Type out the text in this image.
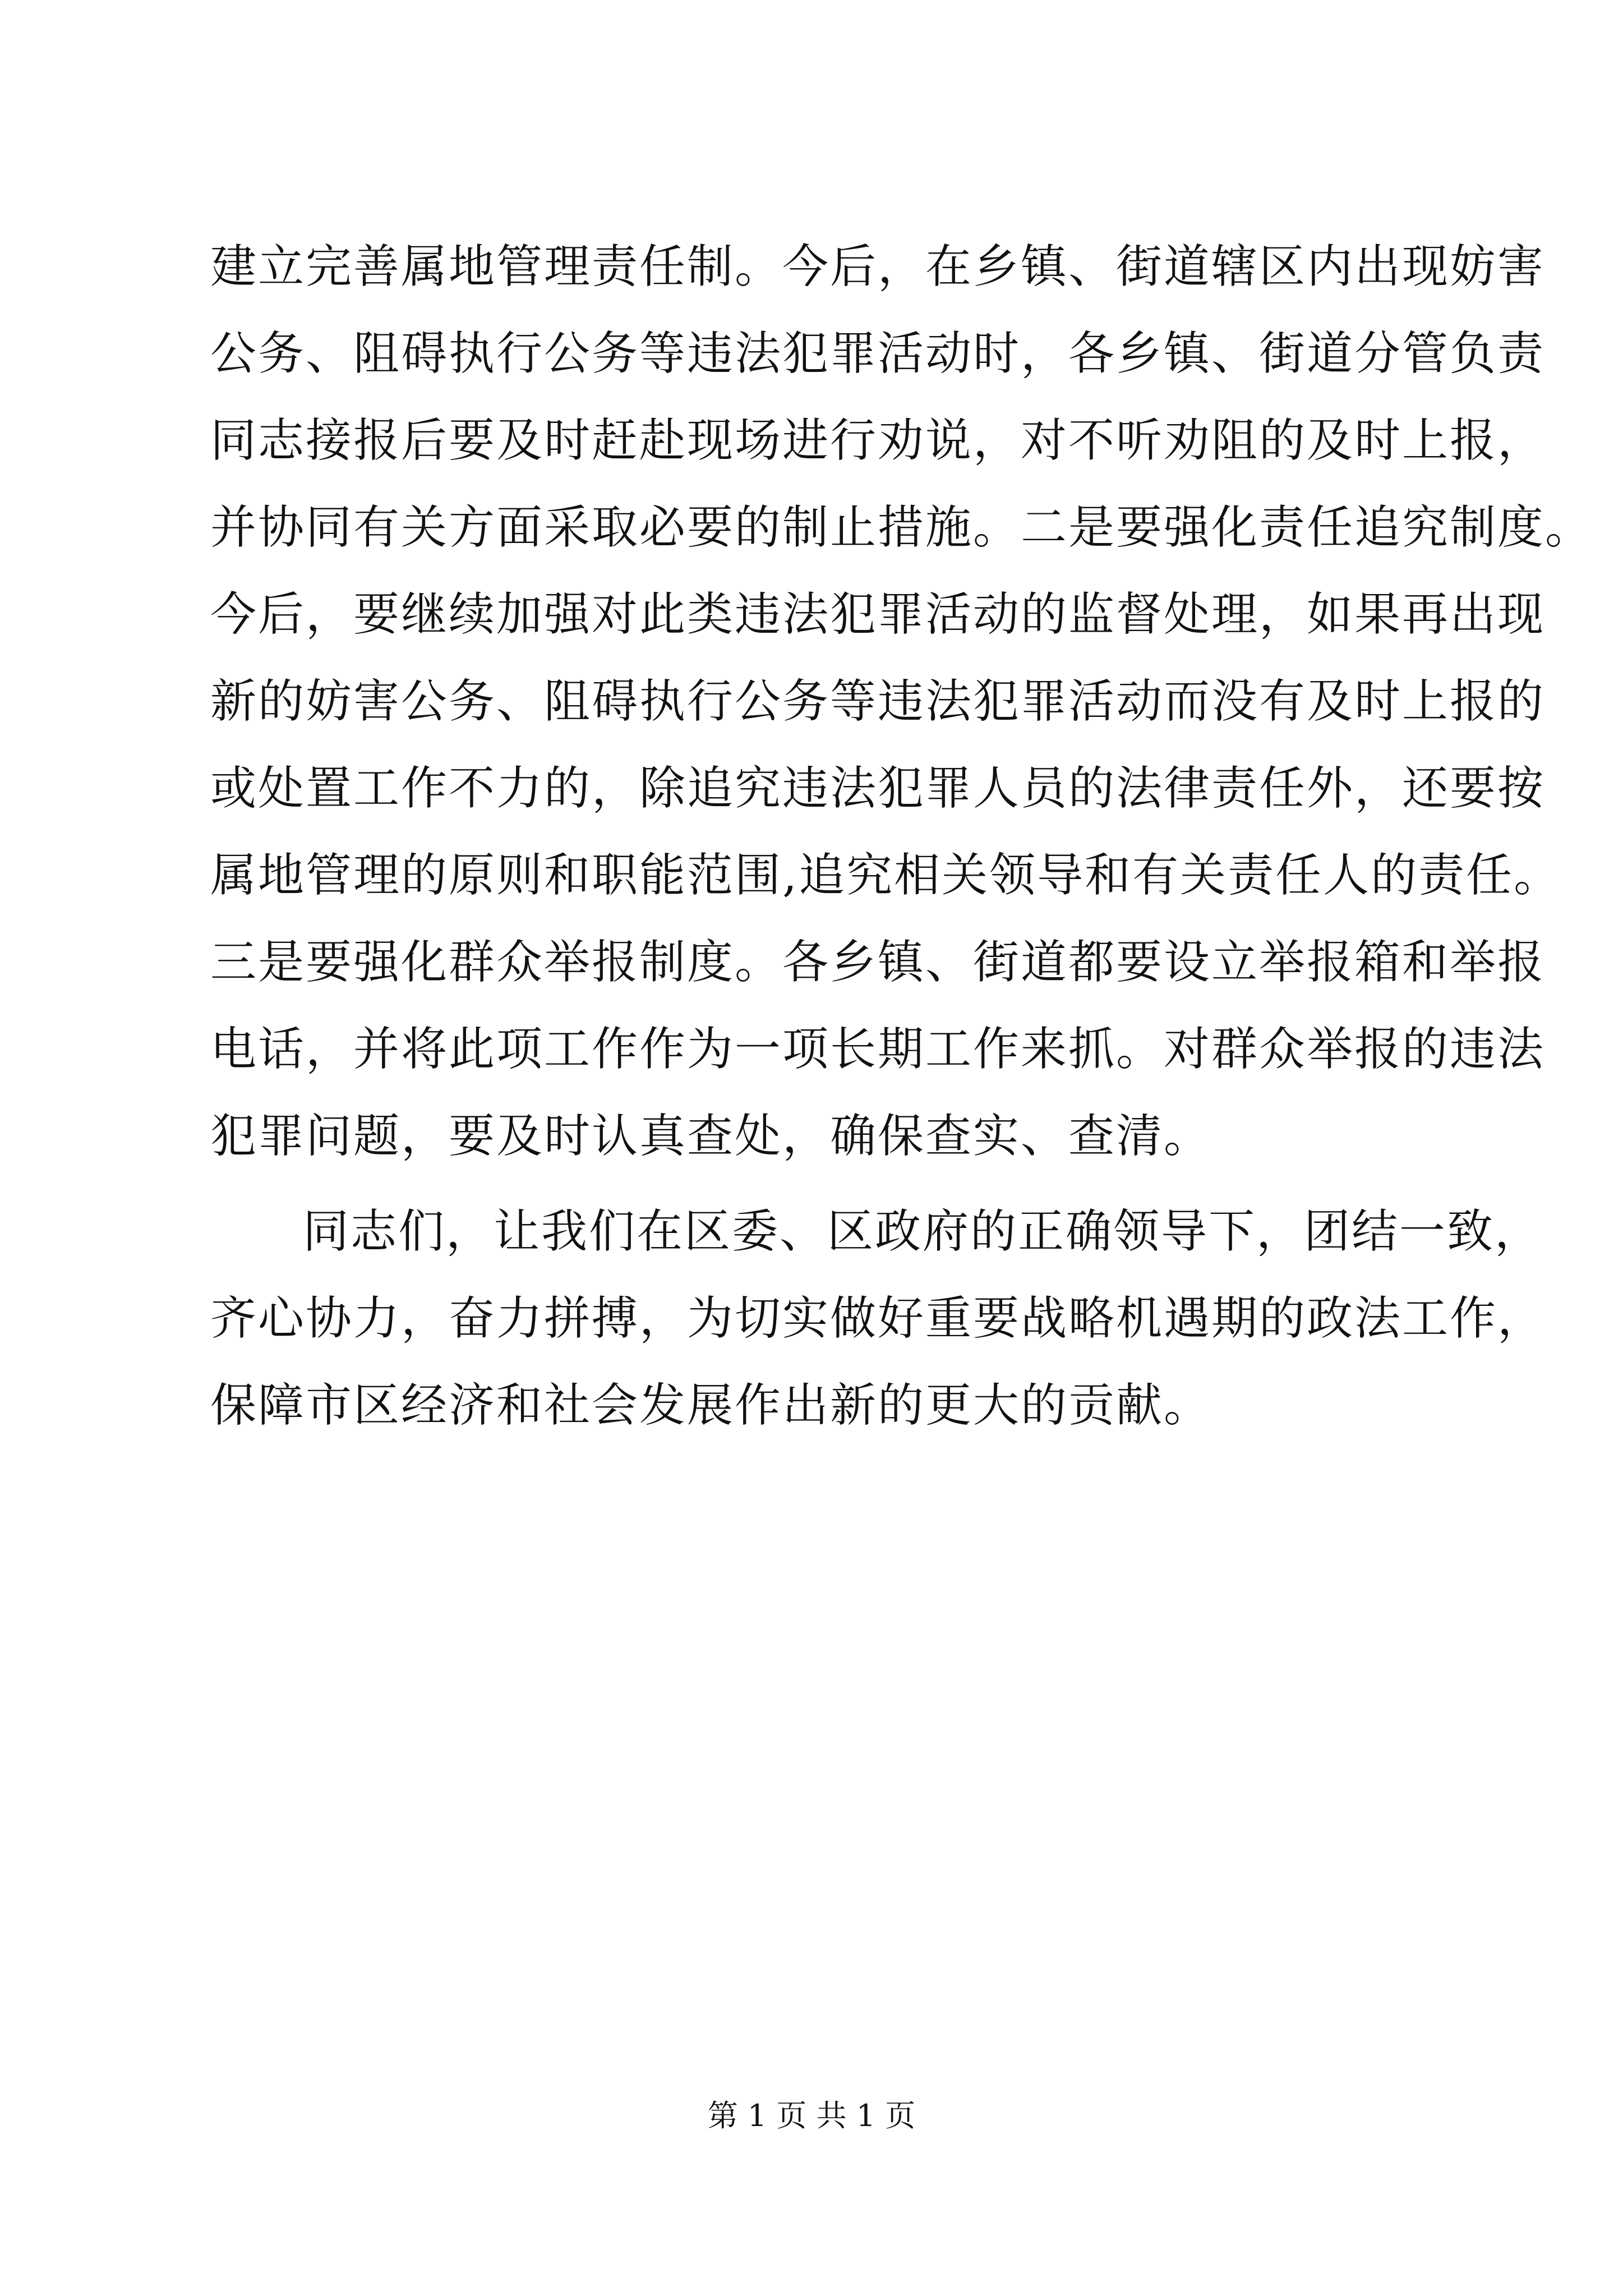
建立完善属地管理责任制。今后，在乡镇、街道辖区内出现妨害
公务、阻碍执行公务等违法犯罪活动时，各乡镇、街道分管负责
同志接报后要及时赶赴现场进行劝说，对不听劝阻的及时上报，
并协同有关方面采取必要的制止措施。二是要强化责任追究制度。
今后，要继续加强对此类违法犯罪活动的监督处理，如果再出现
新的妨害公务、阻碍执行公务等违法犯罪活动而没有及时上报的
或处置工作不力的，除追究违法犯罪人员的法律责任外，还要按
属地管理的原则和职能范围,追究相关领导和有关责任人的责任。
三是要强化群众举报制度。各乡镇、街道都要设立举报箱和举报
电话，并将此项工作作为一项长期工作来抓。对群众举报的违法
犯罪问题，要及时认真查处，确保查实、查清。
同志们，让我们在区委、区政府的正确领导下，团结一致，
齐心协力，奋力拼搏，为切实做好重要战略机遇期的政法工作，
保障市区经济和社会发展作出新的更大的贡献。
第 1 页 共 1 页
